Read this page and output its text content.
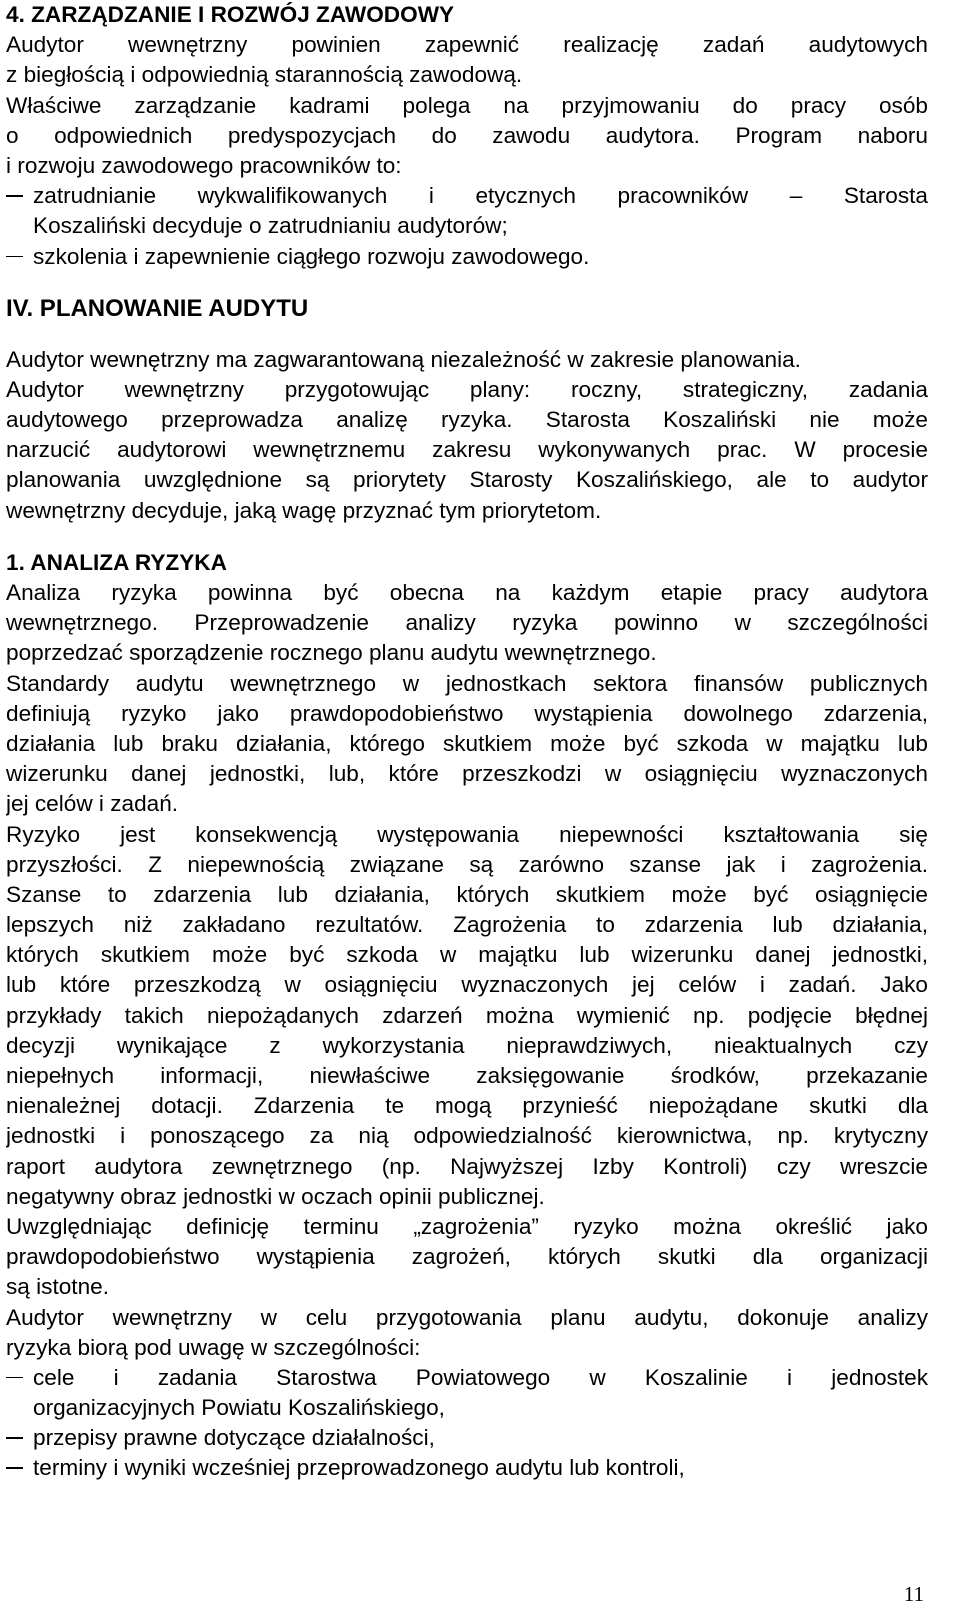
4. ZARZĄDZANIE I ROZWÓJ ZAWODOWY
Audytor wewnętrzny powinien zapewnić realizację zadań audytowych
z biegłością i odpowiednią starannością zawodową.
Właściwe zarządzanie kadrami polega na przyjmowaniu do pracy osób
o odpowiednich predyspozycjach do zawodu audytora. Program naboru
i rozwoju zawodowego pracowników to:
zatrudnianie wykwalifikowanych i etycznych pracowników – Starosta
Koszaliński decyduje o zatrudnianiu audytorów;
szkolenia i zapewnienie ciągłego rozwoju zawodowego.
IV. PLANOWANIE AUDYTU
Audytor wewnętrzny ma zagwarantowaną niezależność w zakresie planowania.
Audytor wewnętrzny przygotowując plany: roczny, strategiczny, zadania
audytowego przeprowadza analizę ryzyka. Starosta Koszaliński nie może
narzucić audytorowi wewnętrznemu zakresu wykonywanych prac. W procesie
planowania uwzględnione są priorytety Starosty Koszalińskiego, ale to audytor
wewnętrzny decyduje, jaką wagę przyznać tym priorytetom.
1. ANALIZA RYZYKA
Analiza ryzyka powinna być obecna na każdym etapie pracy audytora
wewnętrznego. Przeprowadzenie analizy ryzyka powinno w szczególności
poprzedzać sporządzenie rocznego planu audytu wewnętrznego.
Standardy audytu wewnętrznego w jednostkach sektora finansów publicznych
definiują ryzyko jako prawdopodobieństwo wystąpienia dowolnego zdarzenia,
działania lub braku działania, którego skutkiem może być szkoda w majątku lub
wizerunku danej jednostki, lub, które przeszkodzi w osiągnięciu wyznaczonych
jej celów i zadań.
Ryzyko jest konsekwencją występowania niepewności kształtowania się
przyszłości. Z niepewnością związane są zarówno szanse jak i zagrożenia.
Szanse to zdarzenia lub działania, których skutkiem może być osiągnięcie
lepszych niż zakładano rezultatów. Zagrożenia to zdarzenia lub działania,
których skutkiem może być szkoda w majątku lub wizerunku danej jednostki,
lub które przeszkodzą w osiągnięciu wyznaczonych jej celów i zadań. Jako
przykłady takich niepożądanych zdarzeń można wymienić np. podjęcie błędnej
decyzji wynikające z wykorzystania nieprawdziwych, nieaktualnych czy
niepełnych informacji, niewłaściwe zaksięgowanie środków, przekazanie
nienależnej dotacji. Zdarzenia te mogą przynieść niepożądane skutki dla
jednostki i ponoszącego za nią odpowiedzialność kierownictwa, np. krytyczny
raport audytora zewnętrznego (np. Najwyższej Izby Kontroli) czy wreszcie
negatywny obraz jednostki w oczach opinii publicznej.
Uwzględniając definicję terminu „zagrożenia” ryzyko można określić jako
prawdopodobieństwo wystąpienia zagrożeń, których skutki dla organizacji
są istotne.
Audytor wewnętrzny w celu przygotowania planu audytu, dokonuje analizy
ryzyka biorą pod uwagę w szczególności:
cele i zadania Starostwa Powiatowego w Koszalinie i jednostek
organizacyjnych Powiatu Koszalińskiego,
przepisy prawne dotyczące działalności,
terminy i wyniki wcześniej przeprowadzonego audytu lub kontroli,
11
